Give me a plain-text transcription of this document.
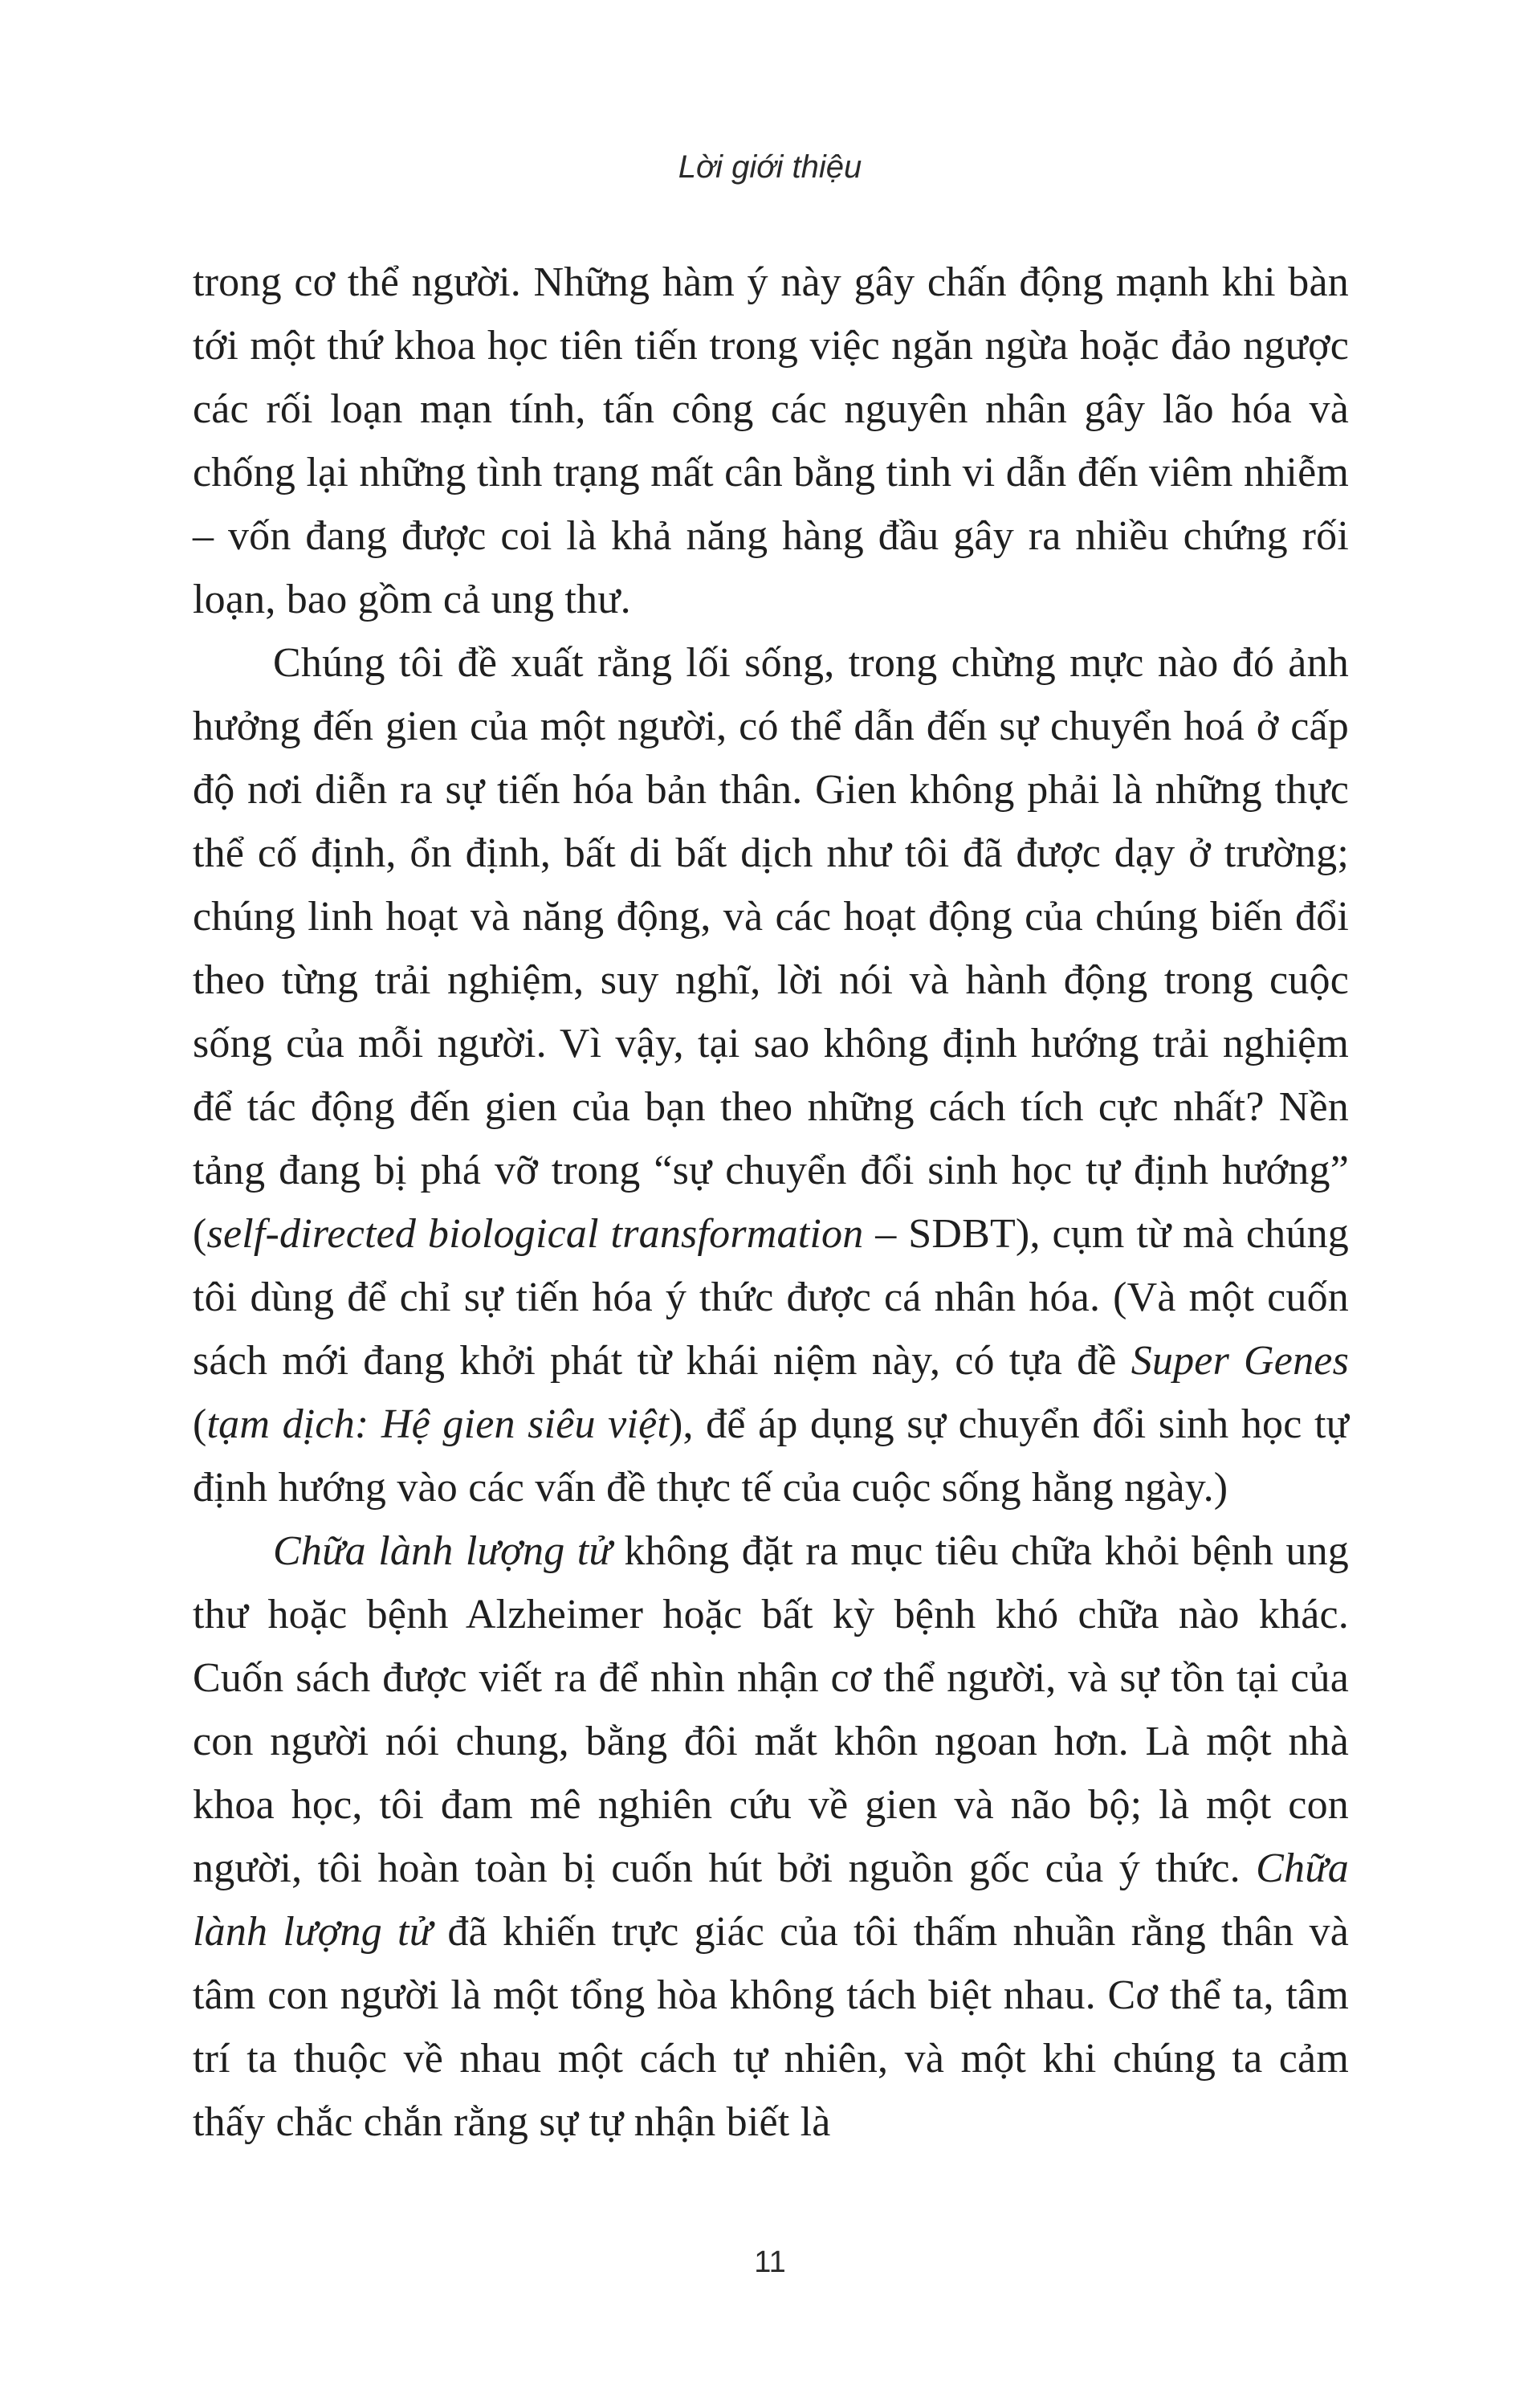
Lời giới thiệu

trong cơ thể người. Những hàm ý này gây chấn động mạnh khi bàn tới một thứ khoa học tiên tiến trong việc ngăn ngừa hoặc đảo ngược các rối loạn mạn tính, tấn công các nguyên nhân gây lão hóa và chống lại những tình trạng mất cân bằng tinh vi dẫn đến viêm nhiễm – vốn đang được coi là khả năng hàng đầu gây ra nhiều chứng rối loạn, bao gồm cả ung thư.

Chúng tôi đề xuất rằng lối sống, trong chừng mực nào đó ảnh hưởng đến gien của một người, có thể dẫn đến sự chuyển hoá ở cấp độ nơi diễn ra sự tiến hóa bản thân. Gien không phải là những thực thể cố định, ổn định, bất di bất dịch như tôi đã được dạy ở trường; chúng linh hoạt và năng động, và các hoạt động của chúng biến đổi theo từng trải nghiệm, suy nghĩ, lời nói và hành động trong cuộc sống của mỗi người. Vì vậy, tại sao không định hướng trải nghiệm để tác động đến gien của bạn theo những cách tích cực nhất? Nền tảng đang bị phá vỡ trong “sự chuyển đổi sinh học tự định hướng” (self-directed biological transformation – SDBT), cụm từ mà chúng tôi dùng để chỉ sự tiến hóa ý thức được cá nhân hóa. (Và một cuốn sách mới đang khởi phát từ khái niệm này, có tựa đề Super Genes (tạm dịch: Hệ gien siêu việt), để áp dụng sự chuyển đổi sinh học tự định hướng vào các vấn đề thực tế của cuộc sống hằng ngày.)

Chữa lành lượng tử không đặt ra mục tiêu chữa khỏi bệnh ung thư hoặc bệnh Alzheimer hoặc bất kỳ bệnh khó chữa nào khác. Cuốn sách được viết ra để nhìn nhận cơ thể người, và sự tồn tại của con người nói chung, bằng đôi mắt khôn ngoan hơn. Là một nhà khoa học, tôi đam mê nghiên cứu về gien và não bộ; là một con người, tôi hoàn toàn bị cuốn hút bởi nguồn gốc của ý thức. Chữa lành lượng tử đã khiến trực giác của tôi thấm nhuần rằng thân và tâm con người là một tổng hòa không tách biệt nhau. Cơ thể ta, tâm trí ta thuộc về nhau một cách tự nhiên, và một khi chúng ta cảm thấy chắc chắn rằng sự tự nhận biết là

11
